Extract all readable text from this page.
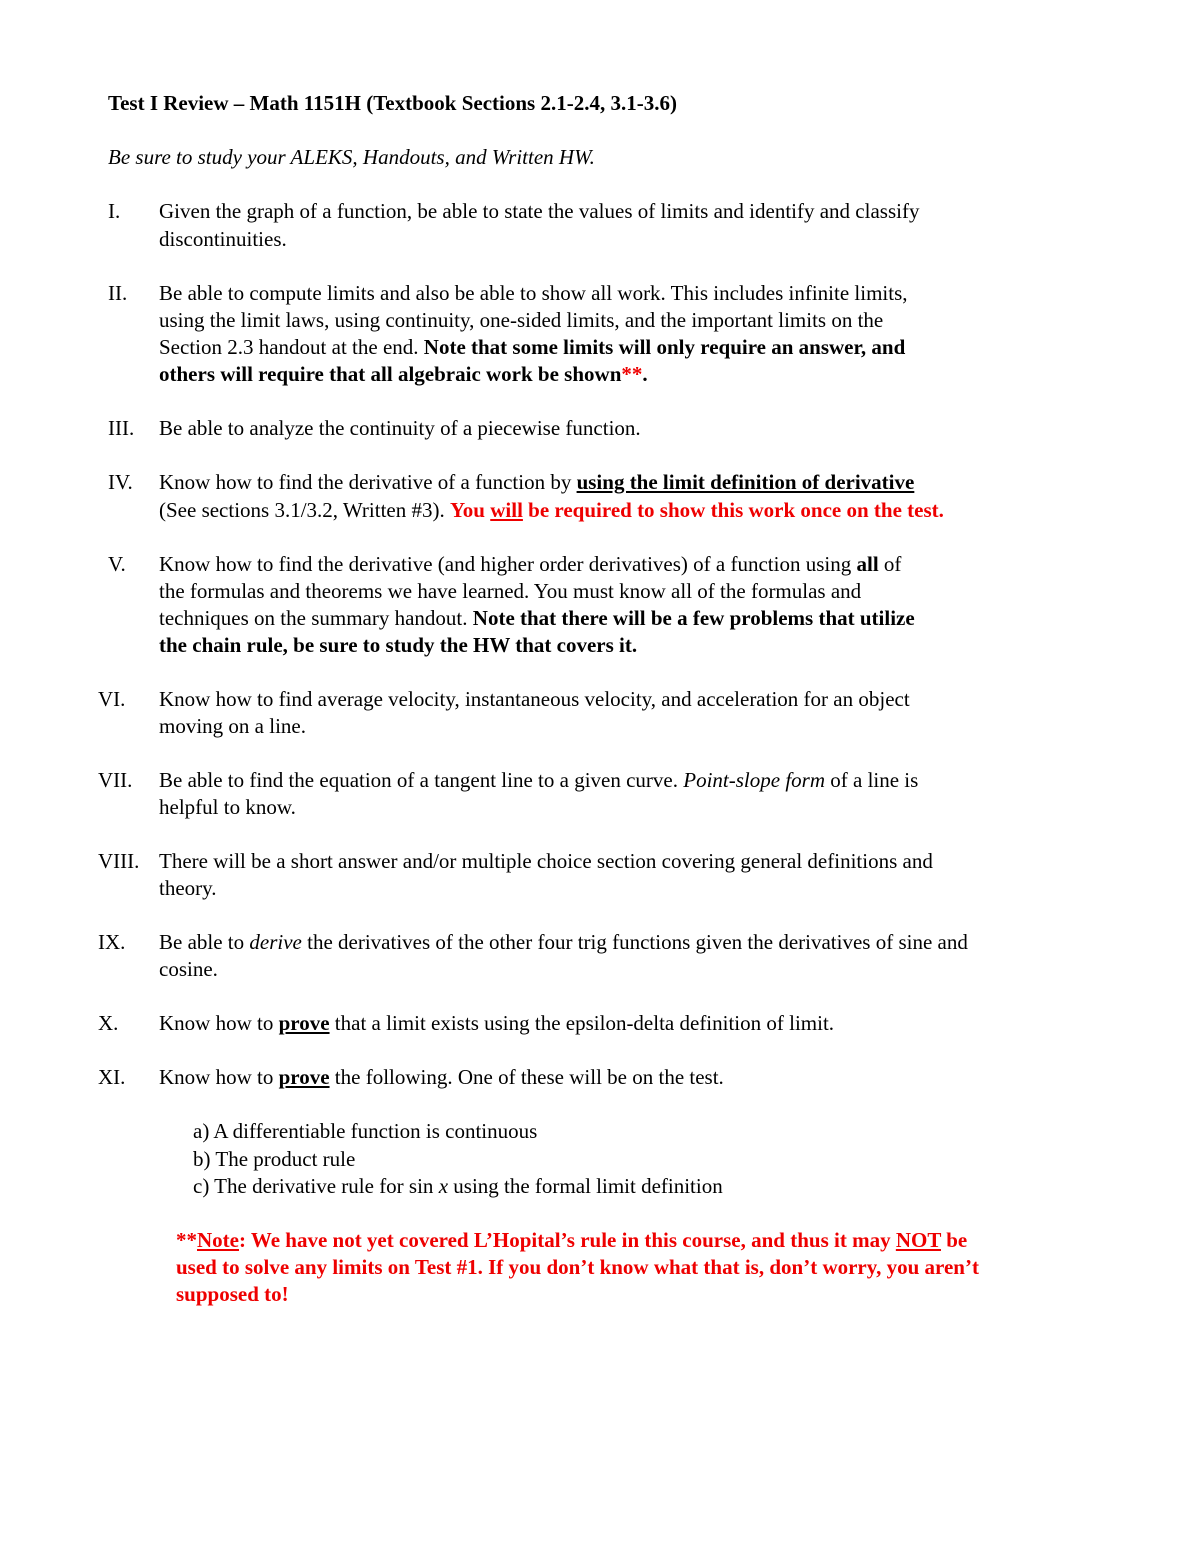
Test I Review – Math 1151H (Textbook Sections 2.1-2.4, 3.1-3.6)
Be sure to study your ALEKS, Handouts, and Written HW.
I. Given the graph of a function, be able to state the values of limits and identify and classify
discontinuities.
II. Be able to compute limits and also be able to show all work. This includes infinite limits,
using the limit laws, using continuity, one-sided limits, and the important limits on the
Section 2.3 handout at the end. Note that some limits will only require an answer, and
others will require that all algebraic work be shown**.
III. Be able to analyze the continuity of a piecewise function.
IV. Know how to find the derivative of a function by using the limit definition of derivative
(See sections 3.1/3.2, Written #3). You will be required to show this work once on the test.
V. Know how to find the derivative (and higher order derivatives) of a function using all of
the formulas and theorems we have learned. You must know all of the formulas and
techniques on the summary handout. Note that there will be a few problems that utilize
the chain rule, be sure to study the HW that covers it.
VI. Know how to find average velocity, instantaneous velocity, and acceleration for an object
moving on a line.
VII. Be able to find the equation of a tangent line to a given curve. Point-slope form of a line is
helpful to know.
VIII. There will be a short answer and/or multiple choice section covering general definitions and
theory.
IX. Be able to derive the derivatives of the other four trig functions given the derivatives of sine and
cosine.
X. Know how to prove that a limit exists using the epsilon-delta definition of limit.
XI. Know how to prove the following. One of these will be on the test.
a) A differentiable function is continuous
b) The product rule
c) The derivative rule for sin x using the formal limit definition
**Note: We have not yet covered L’Hopital’s rule in this course, and thus it may NOT be
used to solve any limits on Test #1. If you don’t know what that is, don’t worry, you aren’t
supposed to!
